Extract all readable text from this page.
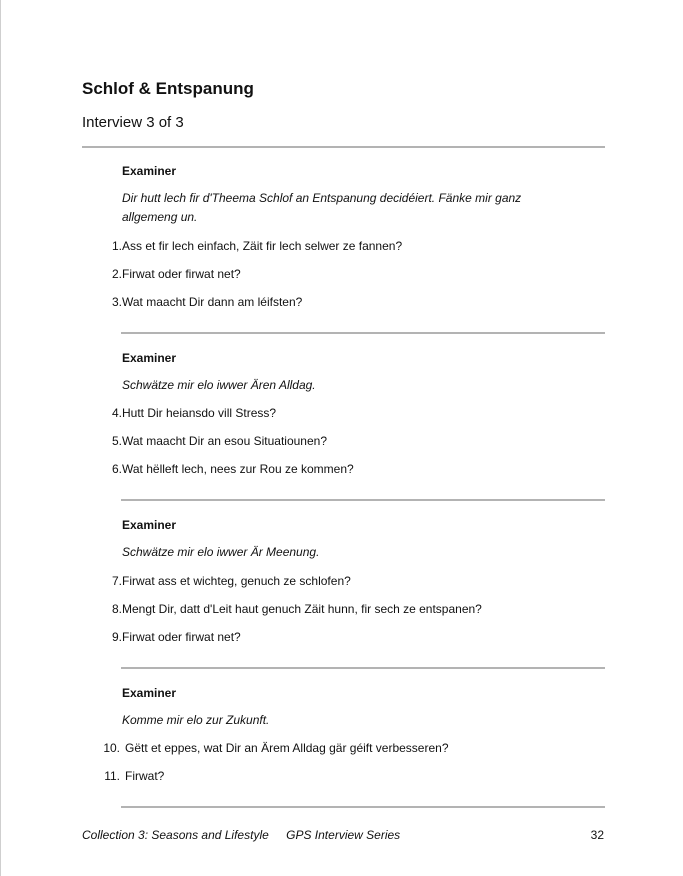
Schlof & Entspanung

Interview 3 of 3

Examiner
Dir hutt lech fir d'Theema Schlof an Entspanung decidéiert. Fänke mir ganz allgemeng un.
1. Ass et fir lech einfach, Zäit fir lech selwer ze fannen?
2. Firwat oder firwat net?
3. Wat maacht Dir dann am léifsten?
Examiner
Schwätze mir elo iwwer Ären Alldag.
4. Hutt Dir heiansdo vill Stress?
5. Wat maacht Dir an esou Situatiounen?
6. Wat hëlleft lech, nees zur Rou ze kommen?
Examiner
Schwätze mir elo iwwer Är Meenung.
7. Firwat ass et wichteg, genuch ze schlofen?
8. Mengt Dir, datt d'Leit haut genuch Zäit hunn, fir sech ze entspanen?
9. Firwat oder firwat net?
Examiner
Komme mir elo zur Zukunft.
10. Gëtt et eppes, wat Dir an Ärem Alldag gär géift verbesseren?
11. Firwat?
Collection 3: Seasons and Lifestyle GPS Interview Series	32
